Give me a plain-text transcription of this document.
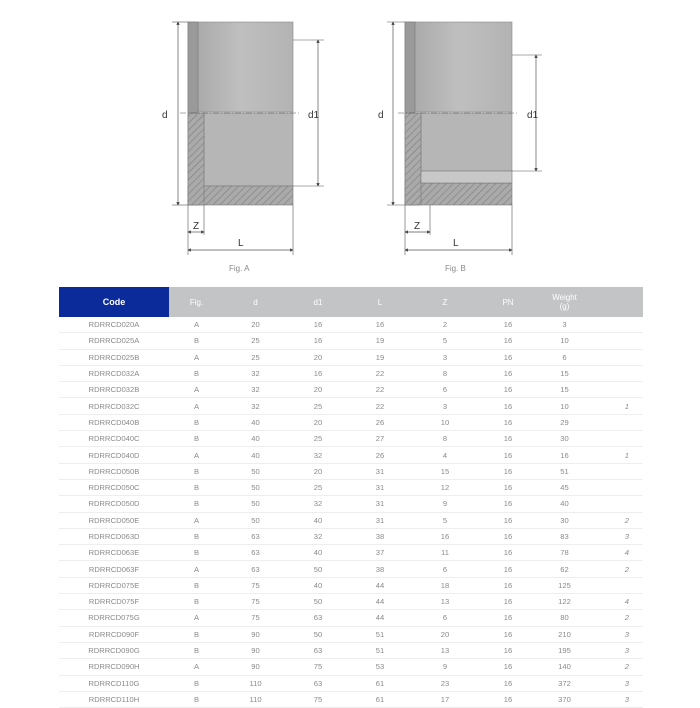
d	d1
Z
L
Fig. A
d	d1
Z
L
Fig. B
Code	Fig.	d	d1	L	Z	PN	Weight
(g)	

RDRRCD020A	A	20	16	16	2	16	3	
RDRRCD025A	B	25	16	19	5	16	10	
RDRRCD025B	A	25	20	19	3	16	6	
RDRRCD032A	B	32	16	22	8	16	15	
RDRRCD032B	A	32	20	22	6	16	15	
RDRRCD032C	A	32	25	22	3	16	10	1
RDRRCD040B	B	40	20	26	10	16	29	
RDRRCD040C	B	40	25	27	8	16	30	
RDRRCD040D	A	40	32	26	4	16	16	1
RDRRCD050B	B	50	20	31	15	16	51	
RDRRCD050C	B	50	25	31	12	16	45	
RDRRCD050D	B	50	32	31	9	16	40	
RDRRCD050E	A	50	40	31	5	16	30	2
RDRRCD063D	B	63	32	38	16	16	83	3
RDRRCD063E	B	63	40	37	11	16	78	4
RDRRCD063F	A	63	50	38	6	16	62	2
RDRRCD075E	B	75	40	44	18	16	125	
RDRRCD075F	B	75	50	44	13	16	122	4
RDRRCD075G	A	75	63	44	6	16	80	2
RDRRCD090F	B	90	50	51	20	16	210	3
RDRRCD090G	B	90	63	51	13	16	195	3
RDRRCD090H	A	90	75	53	9	16	140	2
RDRRCD110G	B	110	63	61	23	16	372	3
RDRRCD110H	B	110	75	61	17	16	370	3
